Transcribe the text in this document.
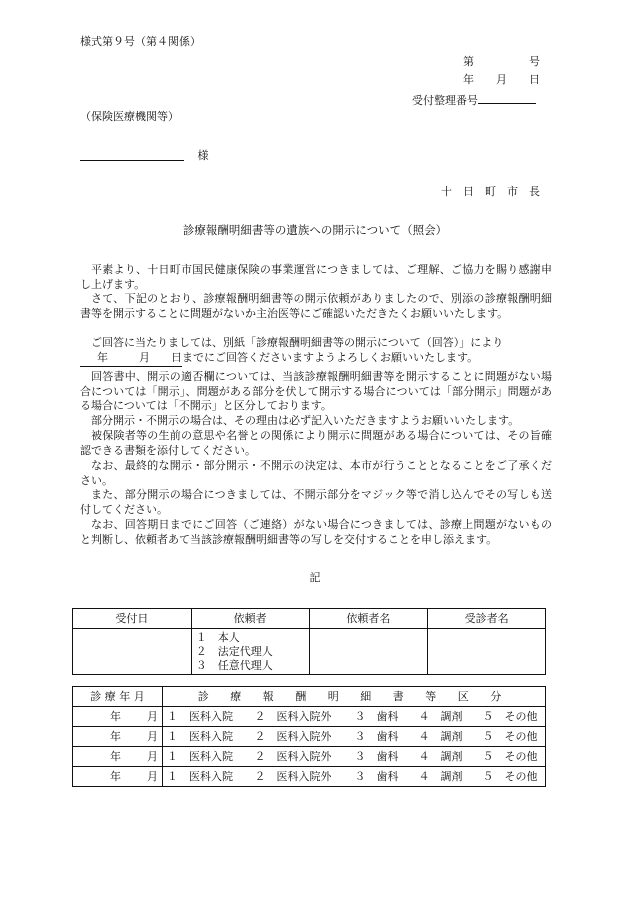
様式第９号（第４関係）
第　　　　　号
年　　月　　日
受付整理番号
（保険医療機関等）
様
十　日　町　市　長
診療報酬明細書等の遺族への開示について（照会）
平素より、十日町市国民健康保険の事業運営につきましては、ご理解、ご協力を賜り感謝申し上げます。
さて、下記のとおり、診療報酬明細書等の開示依頼がありましたので、別添の診療報酬明細書等を開示することに問題がないか主治医等にご確認いただきたくお願いいたします。
ご回答に当たりましては、別紙「診療報酬明細書等の開示について（回答）」により
年	月 日までにご回答くださいますようよろしくお願いいたします。
回答書中、開示の適否欄については、当該診療報酬明細書等を開示することに問題がない場合については「開示」、問題がある部分を伏して開示する場合については「部分開示」問題がある場合については「不開示」と区分しております。
部分開示・不開示の場合は、その理由は必ず記入いただきますようお願いいたします。
被保険者等の生前の意思や名誉との関係により開示に問題がある場合については、その旨確認できる書類を添付してください。
なお、最終的な開示・部分開示・不開示の決定は、本市が行うこととなることをご了承ください。
また、部分開示の場合につきましては、不開示部分をマジック等で消し込んでその写しも送付してください。
なお、回答期日までにご回答（ご連絡）がない場合につきましては、診療上問題がないものと判断し、依頼者あて当該診療報酬明細書等の写しを交付することを申し添えます。
記
受付日	依頼者	依頼者名	受診者名

	１　本人
２　法定代理人
３　任意代理人		

診 療 年 月	診 療 報 酬 明 細 書 等 区 分				
年 月	１　医科入院	２　医科入院外	３　歯科	４　調剤	５　その他
年 月	１　医科入院	２　医科入院外	３　歯科	４　調剤	５　その他
年 月	１　医科入院	２　医科入院外	３　歯科	４　調剤	５　その他
年 月	１　医科入院	２　医科入院外	３　歯科	４　調剤	５　その他
